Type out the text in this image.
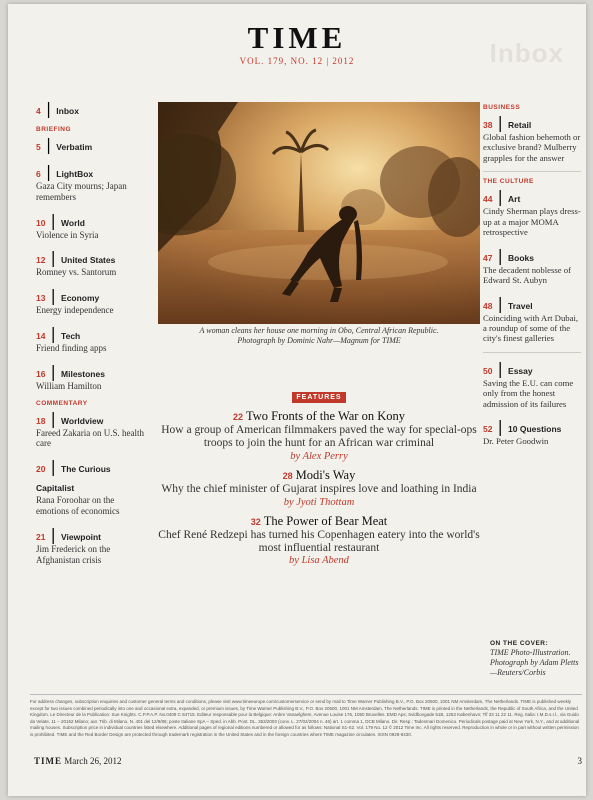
TIME
VOL. 179, NO. 12 | 2012	Inbox
4 | Inbox
BRIEFING
5 | Verbatim
6 | LightBox
Gaza City mourns; Japan remembers
10 | World
Violence in Syria
12 | United States
Romney vs. Santorum
13 | Economy
Energy independence
14 | Tech
Friend finding apps
16 | Milestones
William Hamilton
COMMENTARY
18 | Worldview
Fareed Zakaria on U.S. health care
20 | The Curious Capitalist
Rana Foroohar on the emotions of economics
21 | Viewpoint
Jim Frederick on the Afghanistan crisis
A woman cleans her house one morning in Obo, Central African Republic.
Photograph by Dominic Nahr—Magnum for TIME
BUSINESS
38 | Retail
Global fashion behemoth or exclusive brand? Mulberry grapples for the answer
THE CULTURE
44 | Art
Cindy Sherman plays dress-up at a major MOMA retrospective
47 | Books
The decadent noblesse of Edward St. Aubyn
48 | Travel
Coinciding with Art Dubai, a roundup of some of the city's finest galleries
50 | Essay
Saving the E.U. can come only from the honest admission of its failures
52 | 10 Questions
Dr. Peter Goodwin
FEATURES
22 Two Fronts of the War on Kony
How a group of American filmmakers paved the way for special-ops troops to join the hunt for an African war criminal
by Alex Perry
28 Modi's Way
Why the chief minister of Gujarat inspires love and loathing in India
by Jyoti Thottam
32 The Power of Bear Meat
Chef René Redzepi has turned his Copenhagen eatery into the world's most influential restaurant
by Lisa Abend
ON THE COVER:
TIME Photo-Illustration. Photograph by Adam Pletts—Reuters/Corbis
For address changes, subscription enquiries and customer general terms and conditions, please visit www.timeeurope.com/customerservice or send by mail to Time Warner Publishing B.V., P.O. Box 20500, 1001 NM Amsterdam, The Netherlands. TIME is published weekly except for two issues combined periodically into one and occasional extra, expanded, or premium issues, by Time Warner Publishing B.V., P.O. Box 20500, 1001 NM Amsterdam, The Netherlands. TIME is printed in the Netherlands, the Republic of South Africa, and the United Kingdom. Le Directeur de la Publication: Sue Knights. C.P.P.A.P. No.0409 C 84715. Editeur responsable pour la Belgique: Anbre Vanaelghem, Avenue Louise 176, 1050 Bruxelles. EMD Aps; Svidbovgade 51B, 1253 København; Tlf 33 11 22 11. Reg. Italia: I.M.D.s.r.l., via Guido da Velate, 11 – 20162 Milano; aut. Trib. di Milano, N. 401 del 12/9/86; poste Italiane SpA – Sped. in Abb. Post. DL. 353/2003 (conv. L. 27/02/2004 n. 46) art. 1 comma 1, DCB Milano. Dir. Resp.: Tadesmari Domenico. Periodicals postage paid at New York, N.Y., and at additional mailing houses. Subscription price in individual countries listed elsewhere. Additional pages of regional editions numbered or allowed for as follows: National S1-S2. Vol. 179 No. 12 © 2012 Time Inc. All rights reserved. Reproduction in whole or in part without written permission is prohibited. TIME and the Red Border Design are protected through trademark registration in the United States and in the foreign countries where TIME magazine circulates. ISSN 0928-8430.
TIME March 26, 2012	3
